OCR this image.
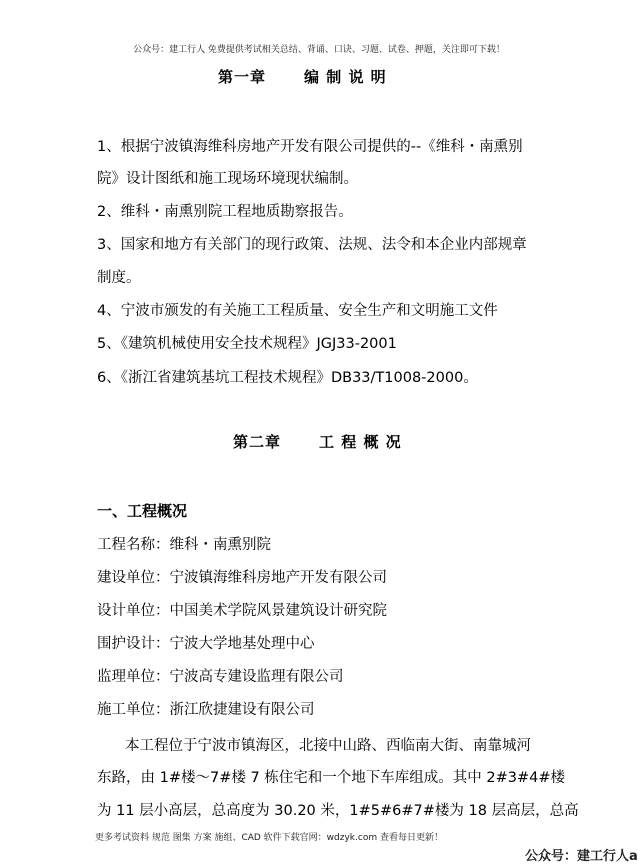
公众号：建工行人 免费提供考试相关总结、背诵、口诀、习题、试卷、押题，关注即可下载！
第一章	编 制 说 明
1、根据宁波镇海维科房地产开发有限公司提供的--《维科・南熏别
院》设计图纸和施工现场环境现状编制。
2、维科・南熏别院工程地质勘察报告。
3、国家和地方有关部门的现行政策、法规、法令和本企业内部规章
制度。
4、宁波市颁发的有关施工工程质量、安全生产和文明施工文件
5、《建筑机械使用安全技术规程》JGJ33-2001
6、《浙江省建筑基坑工程技术规程》DB33/T1008-2000。
第二章	工 程 概 况
一、工程概况
工程名称：维科・南熏别院
建设单位：宁波镇海维科房地产开发有限公司
设计单位：中国美术学院风景建筑设计研究院
围护设计：宁波大学地基处理中心
监理单位：宁波高专建设监理有限公司
施工单位：浙江欣捷建设有限公司
本工程位于宁波市镇海区，北接中山路、西临南大街、南靠城河
东路，由 1#楼～7#楼 7 栋住宅和一个地下车库组成。其中 2#3#4#楼
为 11 层小高层，总高度为 30.20 米，1#5#6#7#楼为 18 层高层，总高
更多考试资料 规范 图集 方案 施组、CAD 软件下载官网：wdzyk.com 查看每日更新！
公众号：建工行人a
